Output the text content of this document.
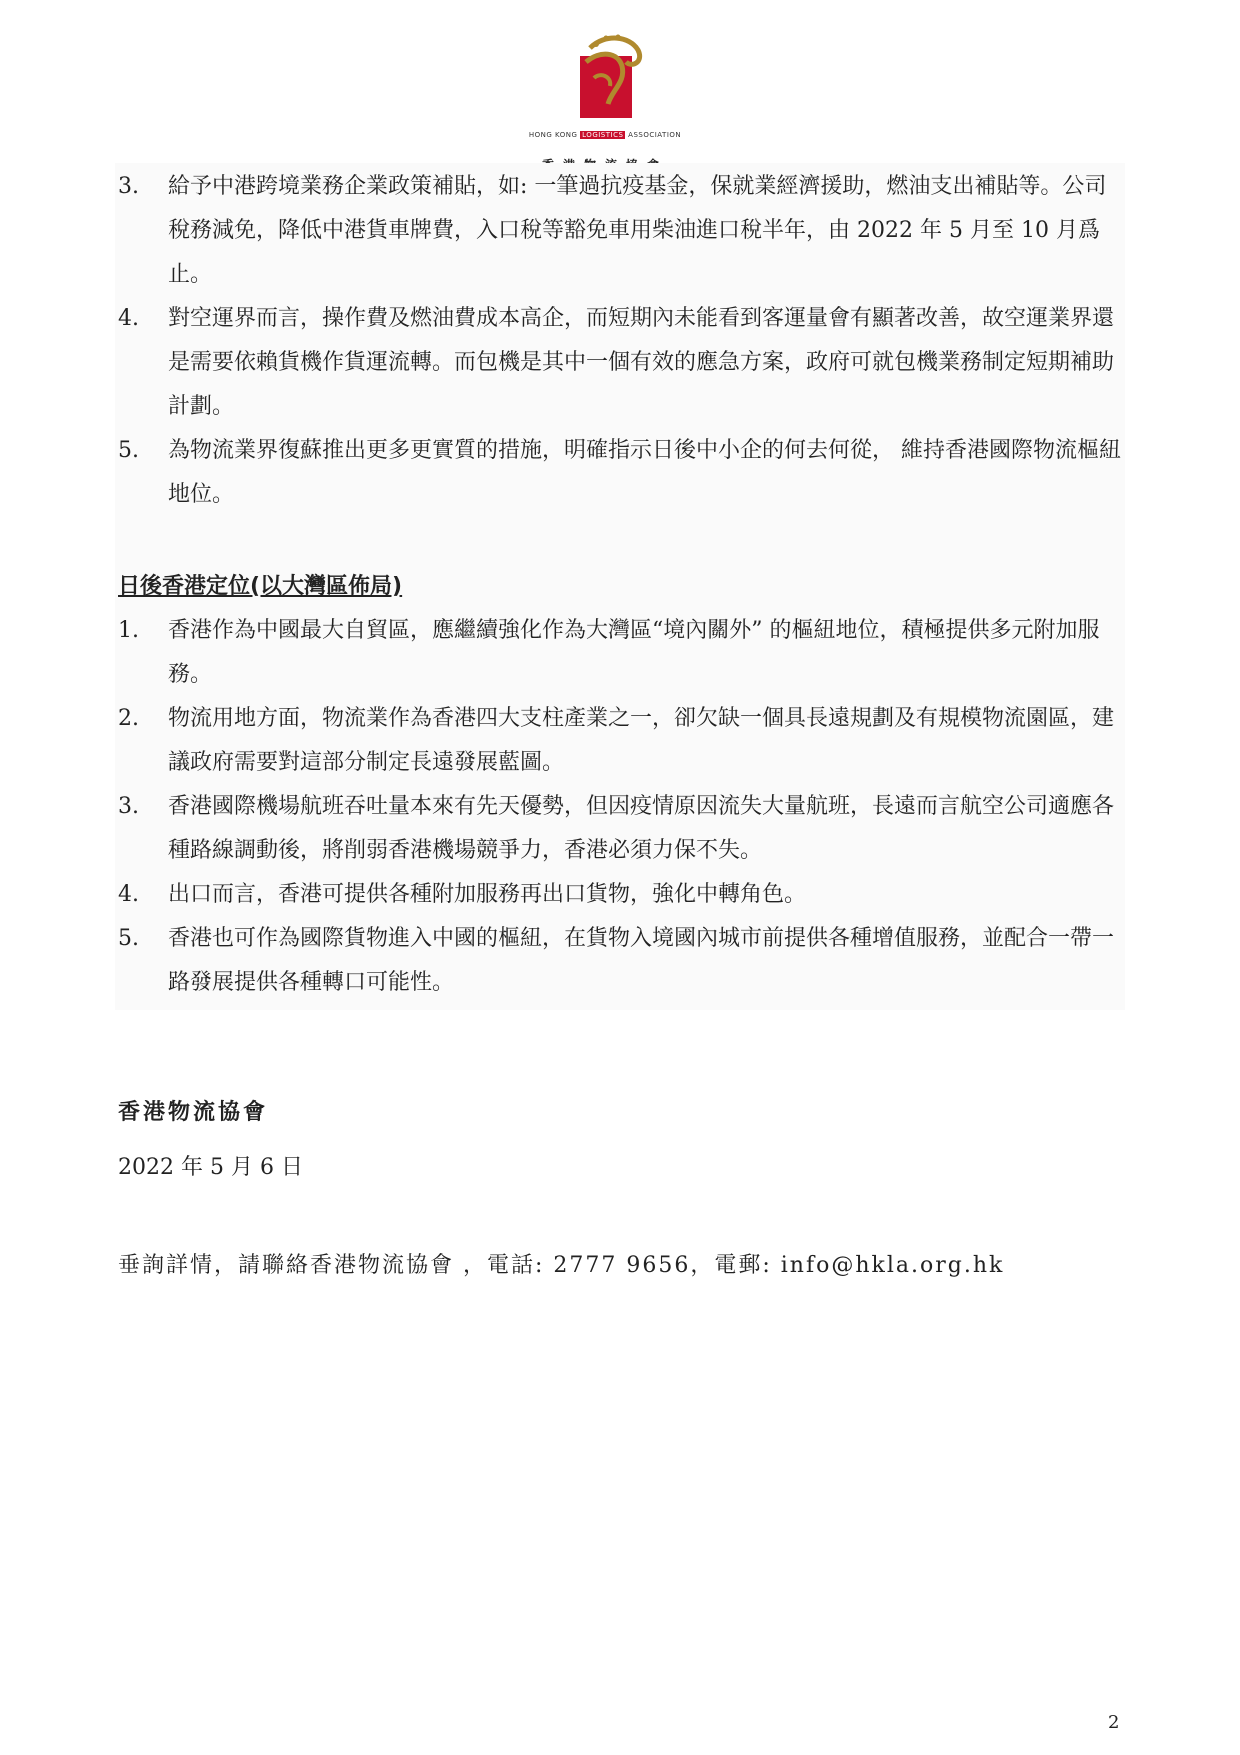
HONG KONG LOGISTICS ASSOCIATION
3. 給予中港跨境業務企業政策補貼，如: 一筆過抗疫基金，保就業經濟援助，燃油支出補貼等。公司稅務減免，降低中港貨車牌費，入口稅等豁免車用柴油進口稅半年，由 2022 年 5 月至 10 月爲止。
4. 對空運界而言，操作費及燃油費成本高企，而短期內未能看到客運量會有顯著改善，故空運業界還是需要依賴貨機作貨運流轉。而包機是其中一個有效的應急方案，政府可就包機業務制定短期補助計劃。
5. 為物流業界復蘇推出更多更實質的措施，明確指示日後中小企的何去何從， 維持香港國際物流樞紐地位。
日後香港定位(以大灣區佈局)
1. 香港作為中國最大自貿區，應繼續強化作為大灣區“境內關外” 的樞紐地位，積極提供多元附加服務。
2. 物流用地方面，物流業作為香港四大支柱產業之一，卻欠缺一個具長遠規劃及有規模物流園區，建議政府需要對這部分制定長遠發展藍圖。
3. 香港國際機場航班吞吐量本來有先天優勢，但因疫情原因流失大量航班，長遠而言航空公司適應各種路線調動後，將削弱香港機場競爭力，香港必須力保不失。
4. 出口而言，香港可提供各種附加服務再出口貨物，強化中轉角色。
5. 香港也可作為國際貨物進入中國的樞紐，在貨物入境國內城市前提供各種增值服務，並配合一帶一路發展提供各種轉口可能性。
香港物流協會
2022 年 5 月 6 日
垂詢詳情，請聯絡香港物流協會 ，電話: 2777 9656，電郵: info@hkla.org.hk
2
